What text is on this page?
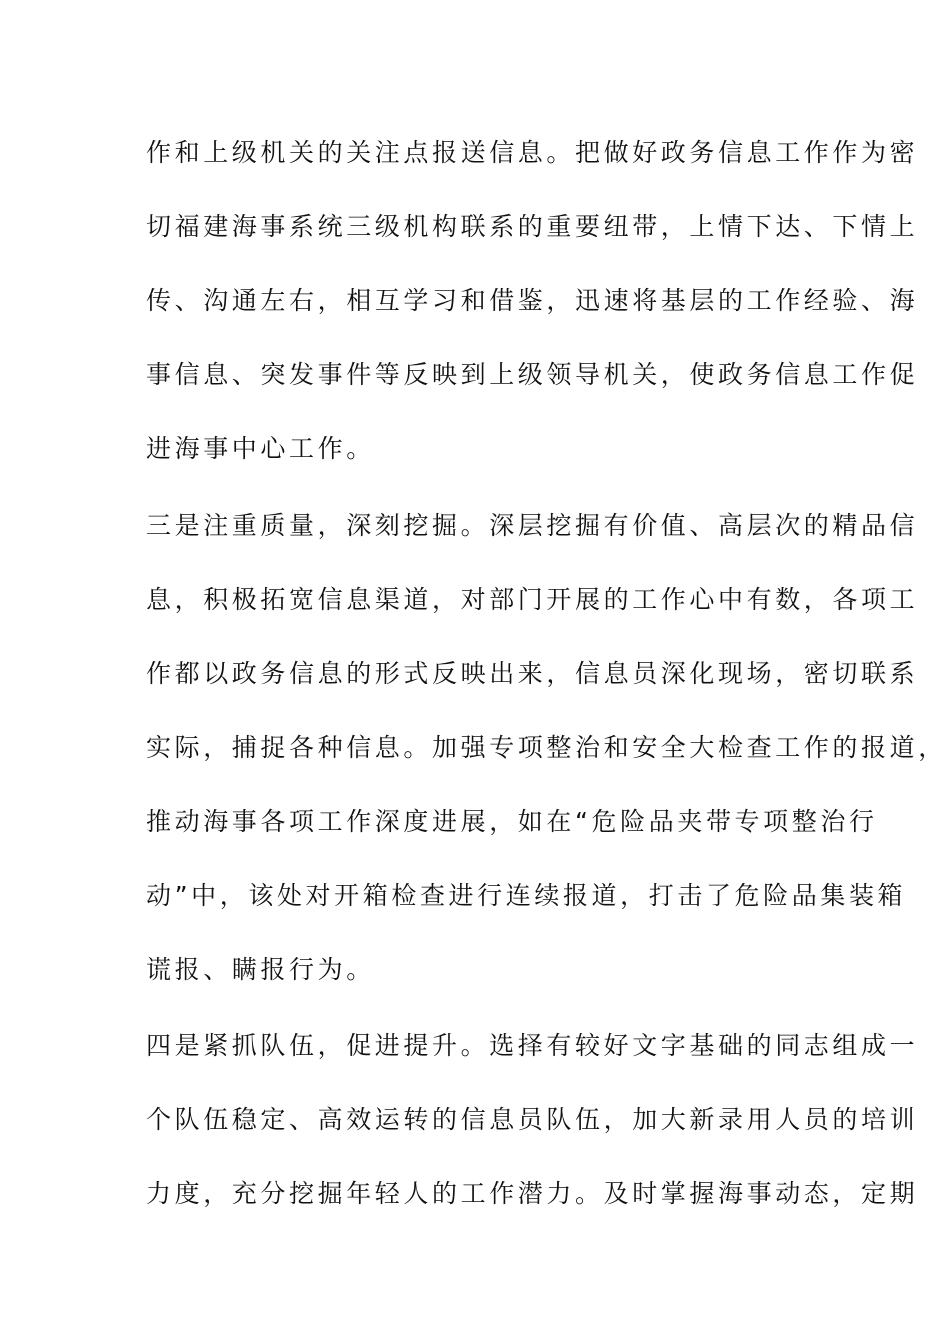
作和上级机关的关注点报送信息。把做好政务信息工作作为密
切福建海事系统三级机构联系的重要纽带，上情下达、下情上
传、沟通左右，相互学习和借鉴，迅速将基层的工作经验、海
事信息、突发事件等反映到上级领导机关，使政务信息工作促
进海事中心工作。
三是注重质量，深刻挖掘。深层挖掘有价值、高层次的精品信
息，积极拓宽信息渠道，对部门开展的工作心中有数，各项工
作都以政务信息的形式反映出来，信息员深化现场，密切联系
实际，捕捉各种信息。加强专项整治和安全大检查工作的报道，
推动海事各项工作深度进展，如在“危险品夹带专项整治行
动”中，该处对开箱检查进行连续报道，打击了危险品集装箱
谎报、瞒报行为。
四是紧抓队伍，促进提升。选择有较好文字基础的同志组成一
个队伍稳定、高效运转的信息员队伍，加大新录用人员的培训
力度，充分挖掘年轻人的工作潜力。及时掌握海事动态，定期
